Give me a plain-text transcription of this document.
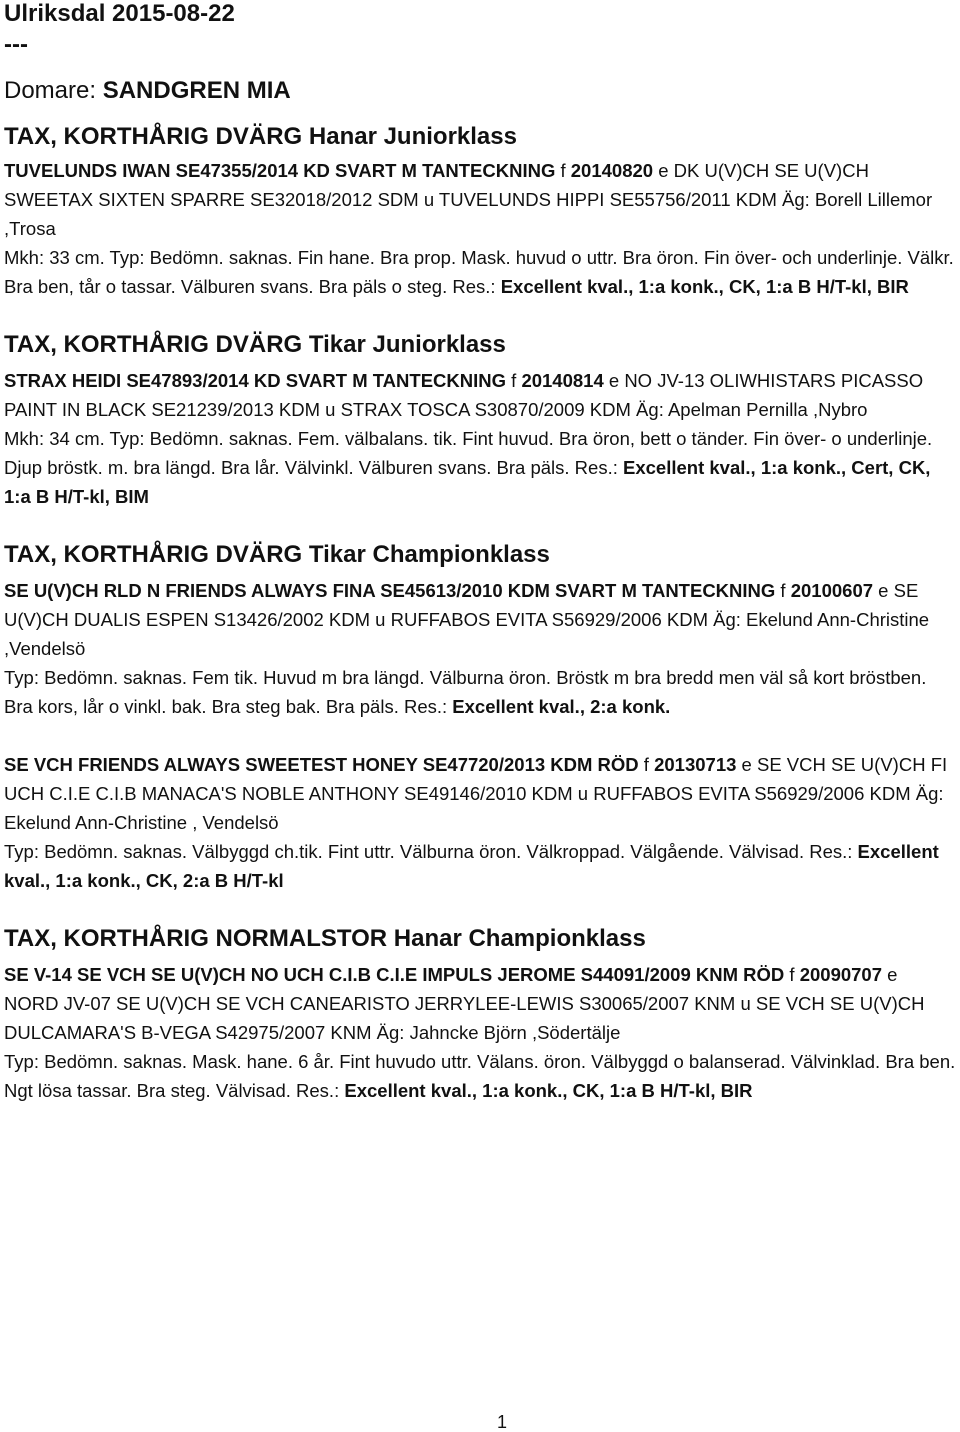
Ulriksdal 2015-08-22
---
Domare: SANDGREN MIA
TAX, KORTHÅRIG DVÄRG Hanar Juniorklass
TUVELUNDS IWAN SE47355/2014 KD SVART M TANTECKNING f 20140820 e DK U(V)CH SE U(V)CH SWEETAX SIXTEN SPARRE SE32018/2012 SDM u TUVELUNDS HIPPI SE55756/2011 KDM Äg: Borell Lillemor ,Trosa
Mkh: 33 cm. Typ: Bedömn. saknas. Fin hane. Bra prop. Mask. huvud o uttr. Bra öron. Fin över- och underlinje. Välkr. Bra ben, tår o tassar. Välburen svans. Bra päls o steg. Res.: Excellent kval., 1:a konk., CK, 1:a B H/T-kl, BIR
TAX, KORTHÅRIG DVÄRG Tikar Juniorklass
STRAX HEIDI SE47893/2014 KD SVART M TANTECKNING f 20140814 e NO JV-13 OLIWHISTARS PICASSO PAINT IN BLACK SE21239/2013 KDM u STRAX TOSCA S30870/2009 KDM Äg: Apelman Pernilla ,Nybro
Mkh: 34 cm. Typ: Bedömn. saknas. Fem. välbalans. tik. Fint huvud. Bra öron, bett o tänder. Fin över- o underlinje. Djup bröstk. m. bra längd. Bra lår. Välvinkl. Välburen svans. Bra päls. Res.: Excellent kval., 1:a konk., Cert, CK, 1:a B H/T-kl, BIM
TAX, KORTHÅRIG DVÄRG Tikar Championklass
SE U(V)CH RLD N FRIENDS ALWAYS FINA SE45613/2010 KDM SVART M TANTECKNING f 20100607 e SE U(V)CH DUALIS ESPEN S13426/2002 KDM u RUFFABOS EVITA S56929/2006 KDM Äg: Ekelund Ann-Christine ,Vendelsö
Typ: Bedömn. saknas. Fem tik. Huvud m bra längd. Välburna öron. Bröstk m bra bredd men väl så kort bröstben. Bra kors, lår o vinkl. bak. Bra steg bak. Bra päls. Res.: Excellent kval., 2:a konk.
SE VCH FRIENDS ALWAYS SWEETEST HONEY SE47720/2013 KDM RÖD f 20130713 e SE VCH SE U(V)CH FI UCH C.I.E C.I.B MANACA'S NOBLE ANTHONY SE49146/2010 KDM u RUFFABOS EVITA S56929/2006 KDM Äg: Ekelund Ann-Christine , Vendelsö
Typ: Bedömn. saknas. Välbyggd ch.tik. Fint uttr. Välburna öron. Välkroppad. Välgående. Välvisad. Res.: Excellent kval., 1:a konk., CK, 2:a B H/T-kl
TAX, KORTHÅRIG NORMALSTOR Hanar Championklass
SE V-14 SE VCH SE U(V)CH NO UCH C.I.B C.I.E IMPULS JEROME S44091/2009 KNM RÖD f 20090707 e NORD JV-07 SE U(V)CH SE VCH CANEARISTO JERRYLEE-LEWIS S30065/2007 KNM u SE VCH SE U(V)CH DULCAMARA'S B-VEGA S42975/2007 KNM Äg: Jahncke Björn ,Södertälje
Typ: Bedömn. saknas. Mask. hane. 6 år. Fint huvudo uttr. Välans. öron. Välbyggd o balanserad. Välvinklad. Bra ben. Ngt lösa tassar. Bra steg. Välvisad. Res.: Excellent kval., 1:a konk., CK, 1:a B H/T-kl, BIR
1
